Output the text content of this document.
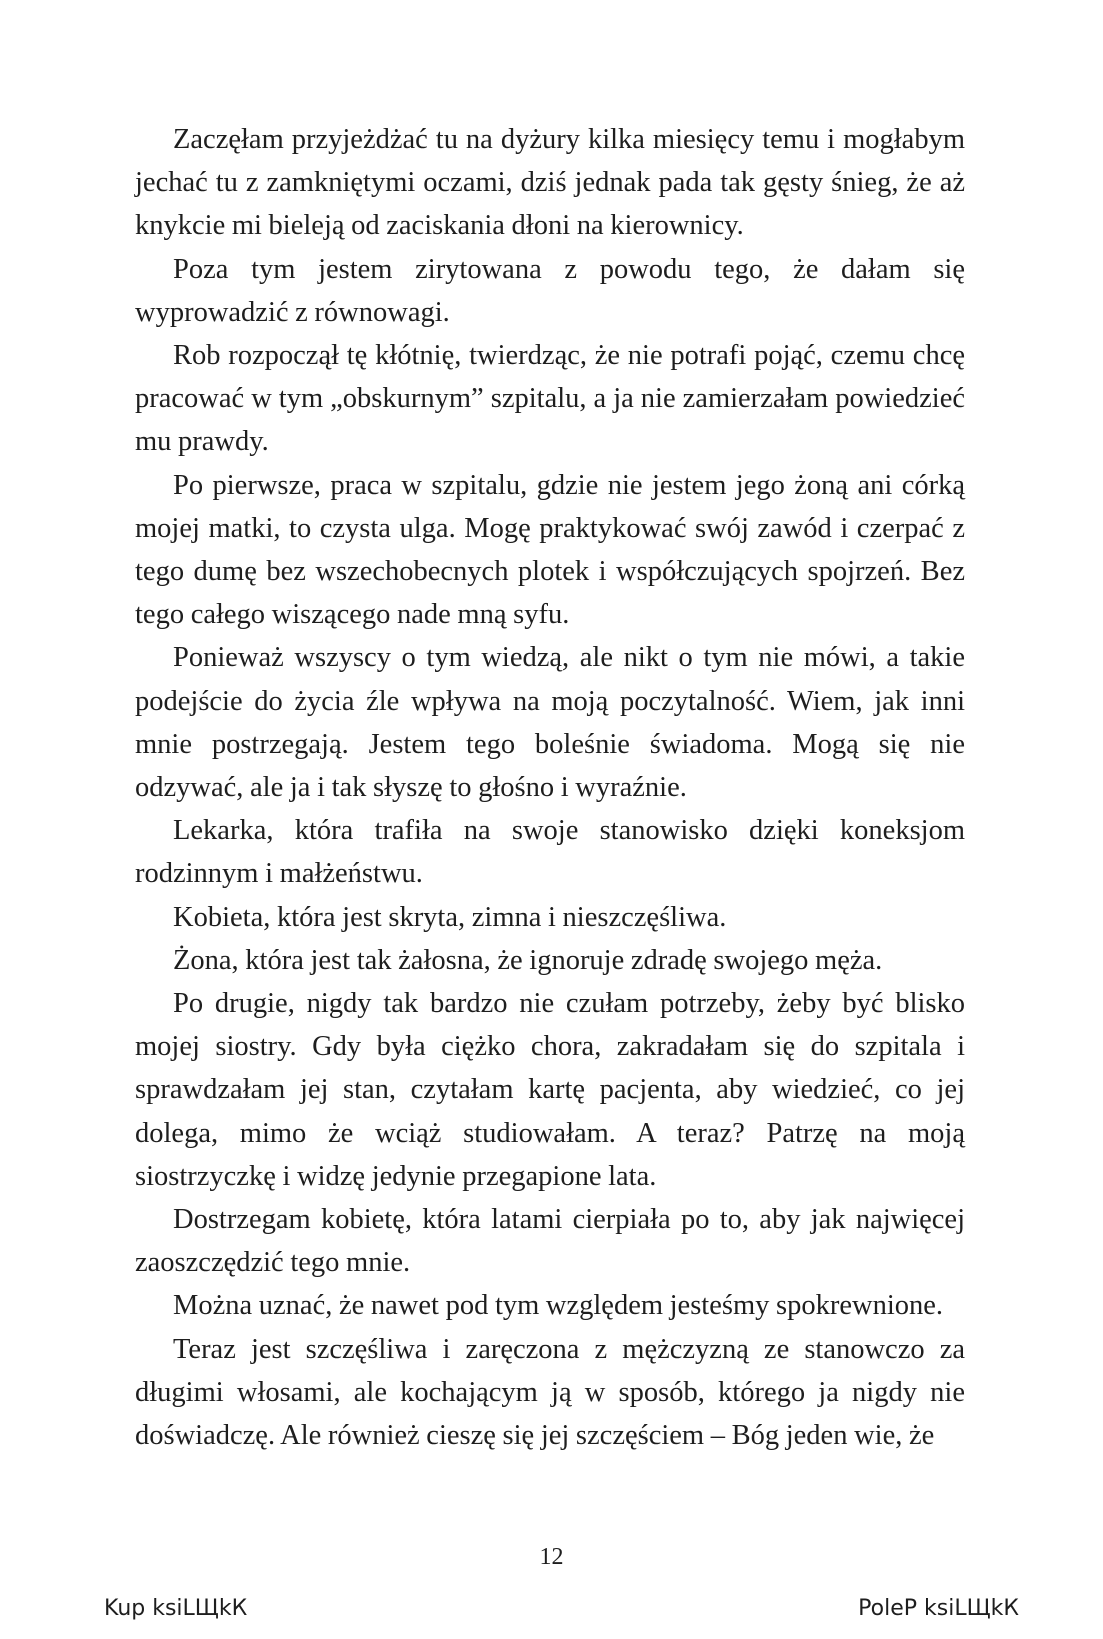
Zaczęłam przyjeżdżać tu na dyżury kilka miesięcy temu i mogłabym jechać tu z zamkniętymi oczami, dziś jednak pada tak gęsty śnieg, że aż knykcie mi bieleją od zaciskania dłoni na kierownicy.

Poza tym jestem zirytowana z powodu tego, że dałam się wyprowadzić z równowagi.

Rob rozpoczął tę kłótnię, twierdząc, że nie potrafi pojąć, czemu chcę pracować w tym „obskurnym” szpitalu, a ja nie zamierzałam powiedzieć mu prawdy.

Po pierwsze, praca w szpitalu, gdzie nie jestem jego żoną ani córką mojej matki, to czysta ulga. Mogę praktykować swój zawód i czerpać z tego dumę bez wszechobecnych plotek i współczujących spojrzeń. Bez tego całego wiszącego nade mną syfu.

Ponieważ wszyscy o tym wiedzą, ale nikt o tym nie mówi, a takie podejście do życia źle wpływa na moją poczytalność. Wiem, jak inni mnie postrzegają. Jestem tego boleśnie świadoma. Mogą się nie odzywać, ale ja i tak słyszę to głośno i wyraźnie.

Lekarka, która trafiła na swoje stanowisko dzięki koneksjom rodzinnym i małżeństwu.

Kobieta, która jest skryta, zimna i nieszczęśliwa.

Żona, która jest tak żałosna, że ignoruje zdradę swojego męża.

Po drugie, nigdy tak bardzo nie czułam potrzeby, żeby być blisko mojej siostry. Gdy była ciężko chora, zakradałam się do szpitala i sprawdzałam jej stan, czytałam kartę pacjenta, aby wiedzieć, co jej dolega, mimo że wciąż studiowałam. A teraz? Patrzę na moją siostrzyczkę i widzę jedynie przegapione lata.

Dostrzegam kobietę, która latami cierpiała po to, aby jak najwięcej zaoszczędzić tego mnie.

Można uznać, że nawet pod tym względem jesteśmy spokrewnione.

Teraz jest szczęśliwa i zaręczona z mężczyzną ze stanowczo za długimi włosami, ale kochającym ją w sposób, którego ja nigdy nie doświadczę. Ale również cieszę się jej szczęściem – Bóg jeden wie, że

12
Kup ksiLЩkК	PoleP ksiLЩkК
